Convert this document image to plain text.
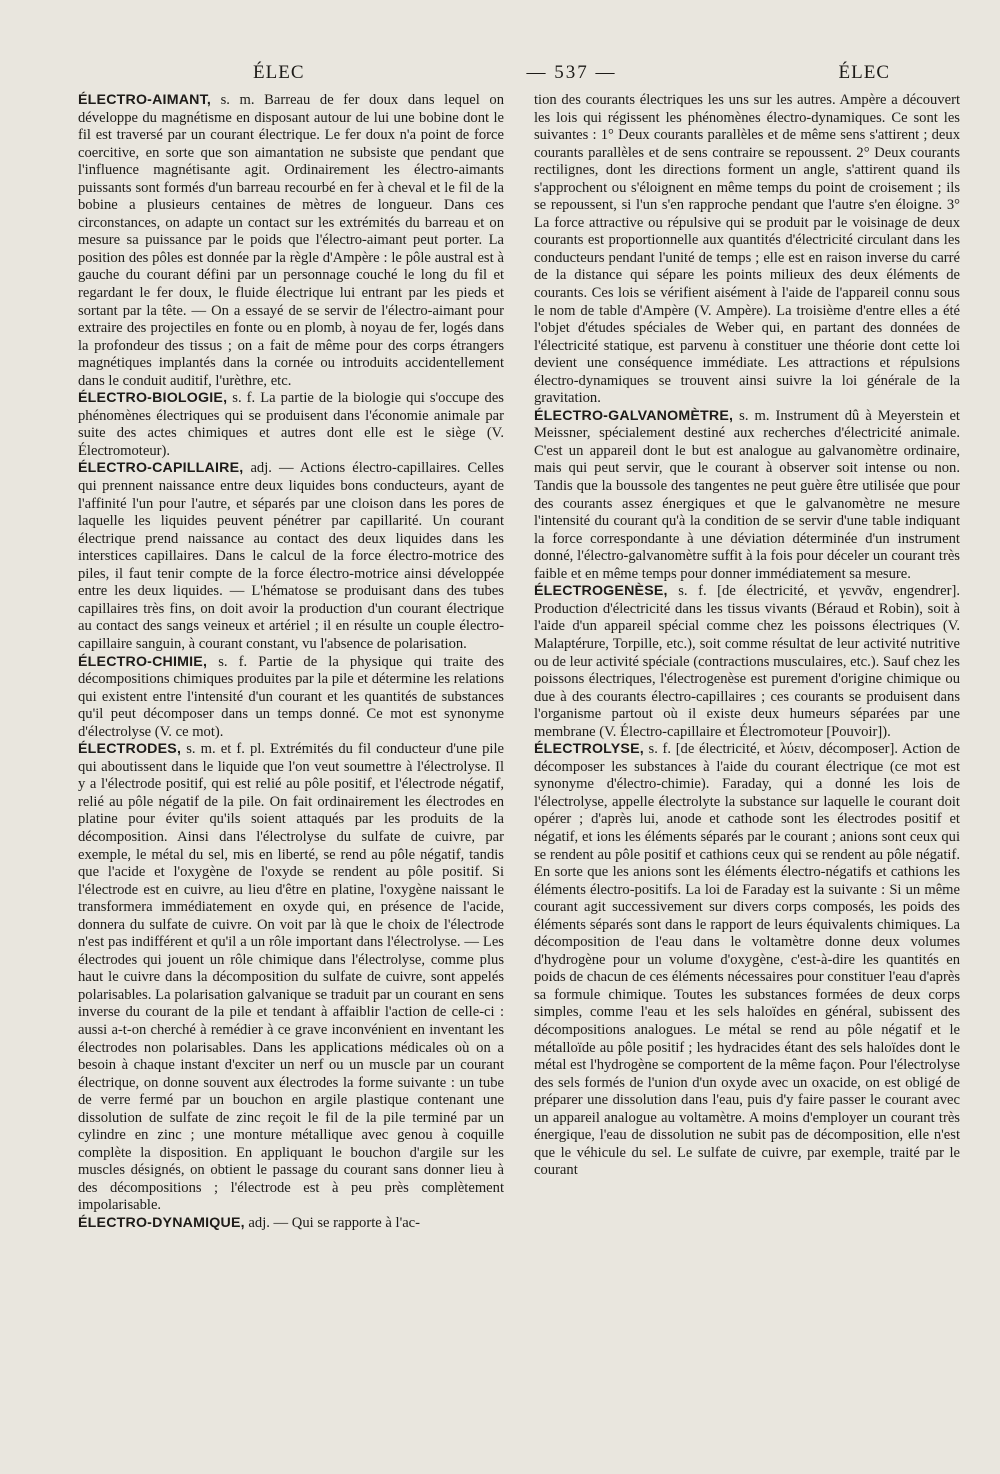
ÉLEC	— 537 —	ÉLEC

ÉLECTRO-AIMANT, s. m. Barreau de fer doux dans lequel on développe du magnétisme en disposant autour de lui une bobine dont le fil est traversé par un courant électrique. Le fer doux n'a point de force coercitive, en sorte que son aimantation ne subsiste que pendant que l'influence magnétisante agit. Ordinairement les électro-aimants puissants sont formés d'un barreau recourbé en fer à cheval et le fil de la bobine a plusieurs centaines de mètres de longueur. Dans ces circonstances, on adapte un contact sur les extrémités du barreau et on mesure sa puissance par le poids que l'électro-aimant peut porter. La position des pôles est donnée par la règle d'Ampère : le pôle austral est à gauche du courant défini par un personnage couché le long du fil et regardant le fer doux, le fluide électrique lui entrant par les pieds et sortant par la tête. — On a essayé de se servir de l'électro-aimant pour extraire des projectiles en fonte ou en plomb, à noyau de fer, logés dans la profondeur des tissus ; on a fait de même pour des corps étrangers magnétiques implantés dans la cornée ou introduits accidentellement dans le conduit auditif, l'urèthre, etc.

ÉLECTRO-BIOLOGIE, s. f. La partie de la biologie qui s'occupe des phénomènes électriques qui se produisent dans l'économie animale par suite des actes chimiques et autres dont elle est le siège (V. Électromoteur).

ÉLECTRO-CAPILLAIRE, adj. — Actions électro-capillaires. Celles qui prennent naissance entre deux liquides bons conducteurs, ayant de l'affinité l'un pour l'autre, et séparés par une cloison dans les pores de laquelle les liquides peuvent pénétrer par capillarité. Un courant électrique prend naissance au contact des deux liquides dans les interstices capillaires. Dans le calcul de la force électro-motrice des piles, il faut tenir compte de la force électro-motrice ainsi développée entre les deux liquides. — L'hématose se produisant dans des tubes capillaires très fins, on doit avoir la production d'un courant électrique au contact des sangs veineux et artériel ; il en résulte un couple électro-capillaire sanguin, à courant constant, vu l'absence de polarisation.

ÉLECTRO-CHIMIE, s. f. Partie de la physique qui traite des décompositions chimiques produites par la pile et détermine les relations qui existent entre l'intensité d'un courant et les quantités de substances qu'il peut décomposer dans un temps donné. Ce mot est synonyme d'électrolyse (V. ce mot).

ÉLECTRODES, s. m. et f. pl. Extrémités du fil conducteur d'une pile qui aboutissent dans le liquide que l'on veut soumettre à l'électrolyse. Il y a l'électrode positif, qui est relié au pôle positif, et l'électrode négatif, relié au pôle négatif de la pile. On fait ordinairement les électrodes en platine pour éviter qu'ils soient attaqués par les produits de la décomposition. Ainsi dans l'électrolyse du sulfate de cuivre, par exemple, le métal du sel, mis en liberté, se rend au pôle négatif, tandis que l'acide et l'oxygène de l'oxyde se rendent au pôle positif. Si l'électrode est en cuivre, au lieu d'être en platine, l'oxygène naissant le transformera immédiatement en oxyde qui, en présence de l'acide, donnera du sulfate de cuivre. On voit par là que le choix de l'électrode n'est pas indifférent et qu'il a un rôle important dans l'électrolyse. — Les électrodes qui jouent un rôle chimique dans l'électrolyse, comme plus haut le cuivre dans la décomposition du sulfate de cuivre, sont appelés polarisables. La polarisation galvanique se traduit par un courant en sens inverse du courant de la pile et tendant à affaiblir l'action de celle-ci : aussi a-t-on cherché à remédier à ce grave inconvénient en inventant les électrodes non polarisables. Dans les applications médicales où on a besoin à chaque instant d'exciter un nerf ou un muscle par un courant électrique, on donne souvent aux électrodes la forme suivante : un tube de verre fermé par un bouchon en argile plastique contenant une dissolution de sulfate de zinc reçoit le fil de la pile terminé par un cylindre en zinc ; une monture métallique avec genou à coquille complète la disposition. En appliquant le bouchon d'argile sur les muscles désignés, on obtient le passage du courant sans donner lieu à des décompositions ; l'électrode est à peu près complètement impolarisable.

ÉLECTRO-DYNAMIQUE, adj. — Qui se rapporte à l'ac-

tion des courants électriques les uns sur les autres. Ampère a découvert les lois qui régissent les phénomènes électro-dynamiques. Ce sont les suivantes : 1° Deux courants parallèles et de même sens s'attirent ; deux courants parallèles et de sens contraire se repoussent. 2° Deux courants rectilignes, dont les directions forment un angle, s'attirent quand ils s'approchent ou s'éloignent en même temps du point de croisement ; ils se repoussent, si l'un s'en rapproche pendant que l'autre s'en éloigne. 3° La force attractive ou répulsive qui se produit par le voisinage de deux courants est proportionnelle aux quantités d'électricité circulant dans les conducteurs pendant l'unité de temps ; elle est en raison inverse du carré de la distance qui sépare les points milieux des deux éléments de courants. Ces lois se vérifient aisément à l'aide de l'appareil connu sous le nom de table d'Ampère (V. Ampère). La troisième d'entre elles a été l'objet d'études spéciales de Weber qui, en partant des données de l'électricité statique, est parvenu à constituer une théorie dont cette loi devient une conséquence immédiate. Les attractions et répulsions électro-dynamiques se trouvent ainsi suivre la loi générale de la gravitation.

ÉLECTRO-GALVANOMÈTRE, s. m. Instrument dû à Meyerstein et Meissner, spécialement destiné aux recherches d'électricité animale. C'est un appareil dont le but est analogue au galvanomètre ordinaire, mais qui peut servir, que le courant à observer soit intense ou non. Tandis que la boussole des tangentes ne peut guère être utilisée que pour des courants assez énergiques et que le galvanomètre ne mesure l'intensité du courant qu'à la condition de se servir d'une table indiquant la force correspondante à une déviation déterminée d'un instrument donné, l'électro-galvanomètre suffit à la fois pour déceler un courant très faible et en même temps pour donner immédiatement sa mesure.

ÉLECTROGENÈSE, s. f. [de électricité, et γεννᾶν, engendrer]. Production d'électricité dans les tissus vivants (Béraud et Robin), soit à l'aide d'un appareil spécial comme chez les poissons électriques (V. Malaptérure, Torpille, etc.), soit comme résultat de leur activité nutritive ou de leur activité spéciale (contractions musculaires, etc.). Sauf chez les poissons électriques, l'électrogenèse est purement d'origine chimique ou due à des courants électro-capillaires ; ces courants se produisent dans l'organisme partout où il existe deux humeurs séparées par une membrane (V. Électro-capillaire et Électromoteur [Pouvoir]).

ÉLECTROLYSE, s. f. [de électricité, et λύειν, décomposer]. Action de décomposer les substances à l'aide du courant électrique (ce mot est synonyme d'électro-chimie). Faraday, qui a donné les lois de l'électrolyse, appelle électrolyte la substance sur laquelle le courant doit opérer ; d'après lui, anode et cathode sont les électrodes positif et négatif, et ions les éléments séparés par le courant ; anions sont ceux qui se rendent au pôle positif et cathions ceux qui se rendent au pôle négatif. En sorte que les anions sont les éléments électro-négatifs et cathions les éléments électro-positifs. La loi de Faraday est la suivante : Si un même courant agit successivement sur divers corps composés, les poids des éléments séparés sont dans le rapport de leurs équivalents chimiques. La décomposition de l'eau dans le voltamètre donne deux volumes d'hydrogène pour un volume d'oxygène, c'est-à-dire les quantités en poids de chacun de ces éléments nécessaires pour constituer l'eau d'après sa formule chimique. Toutes les substances formées de deux corps simples, comme l'eau et les sels haloïdes en général, subissent des décompositions analogues. Le métal se rend au pôle négatif et le métalloïde au pôle positif ; les hydracides étant des sels haloïdes dont le métal est l'hydrogène se comportent de la même façon. Pour l'électrolyse des sels formés de l'union d'un oxyde avec un oxacide, on est obligé de préparer une dissolution dans l'eau, puis d'y faire passer le courant avec un appareil analogue au voltamètre. A moins d'employer un courant très énergique, l'eau de dissolution ne subit pas de décomposition, elle n'est que le véhicule du sel. Le sulfate de cuivre, par exemple, traité par le courant
